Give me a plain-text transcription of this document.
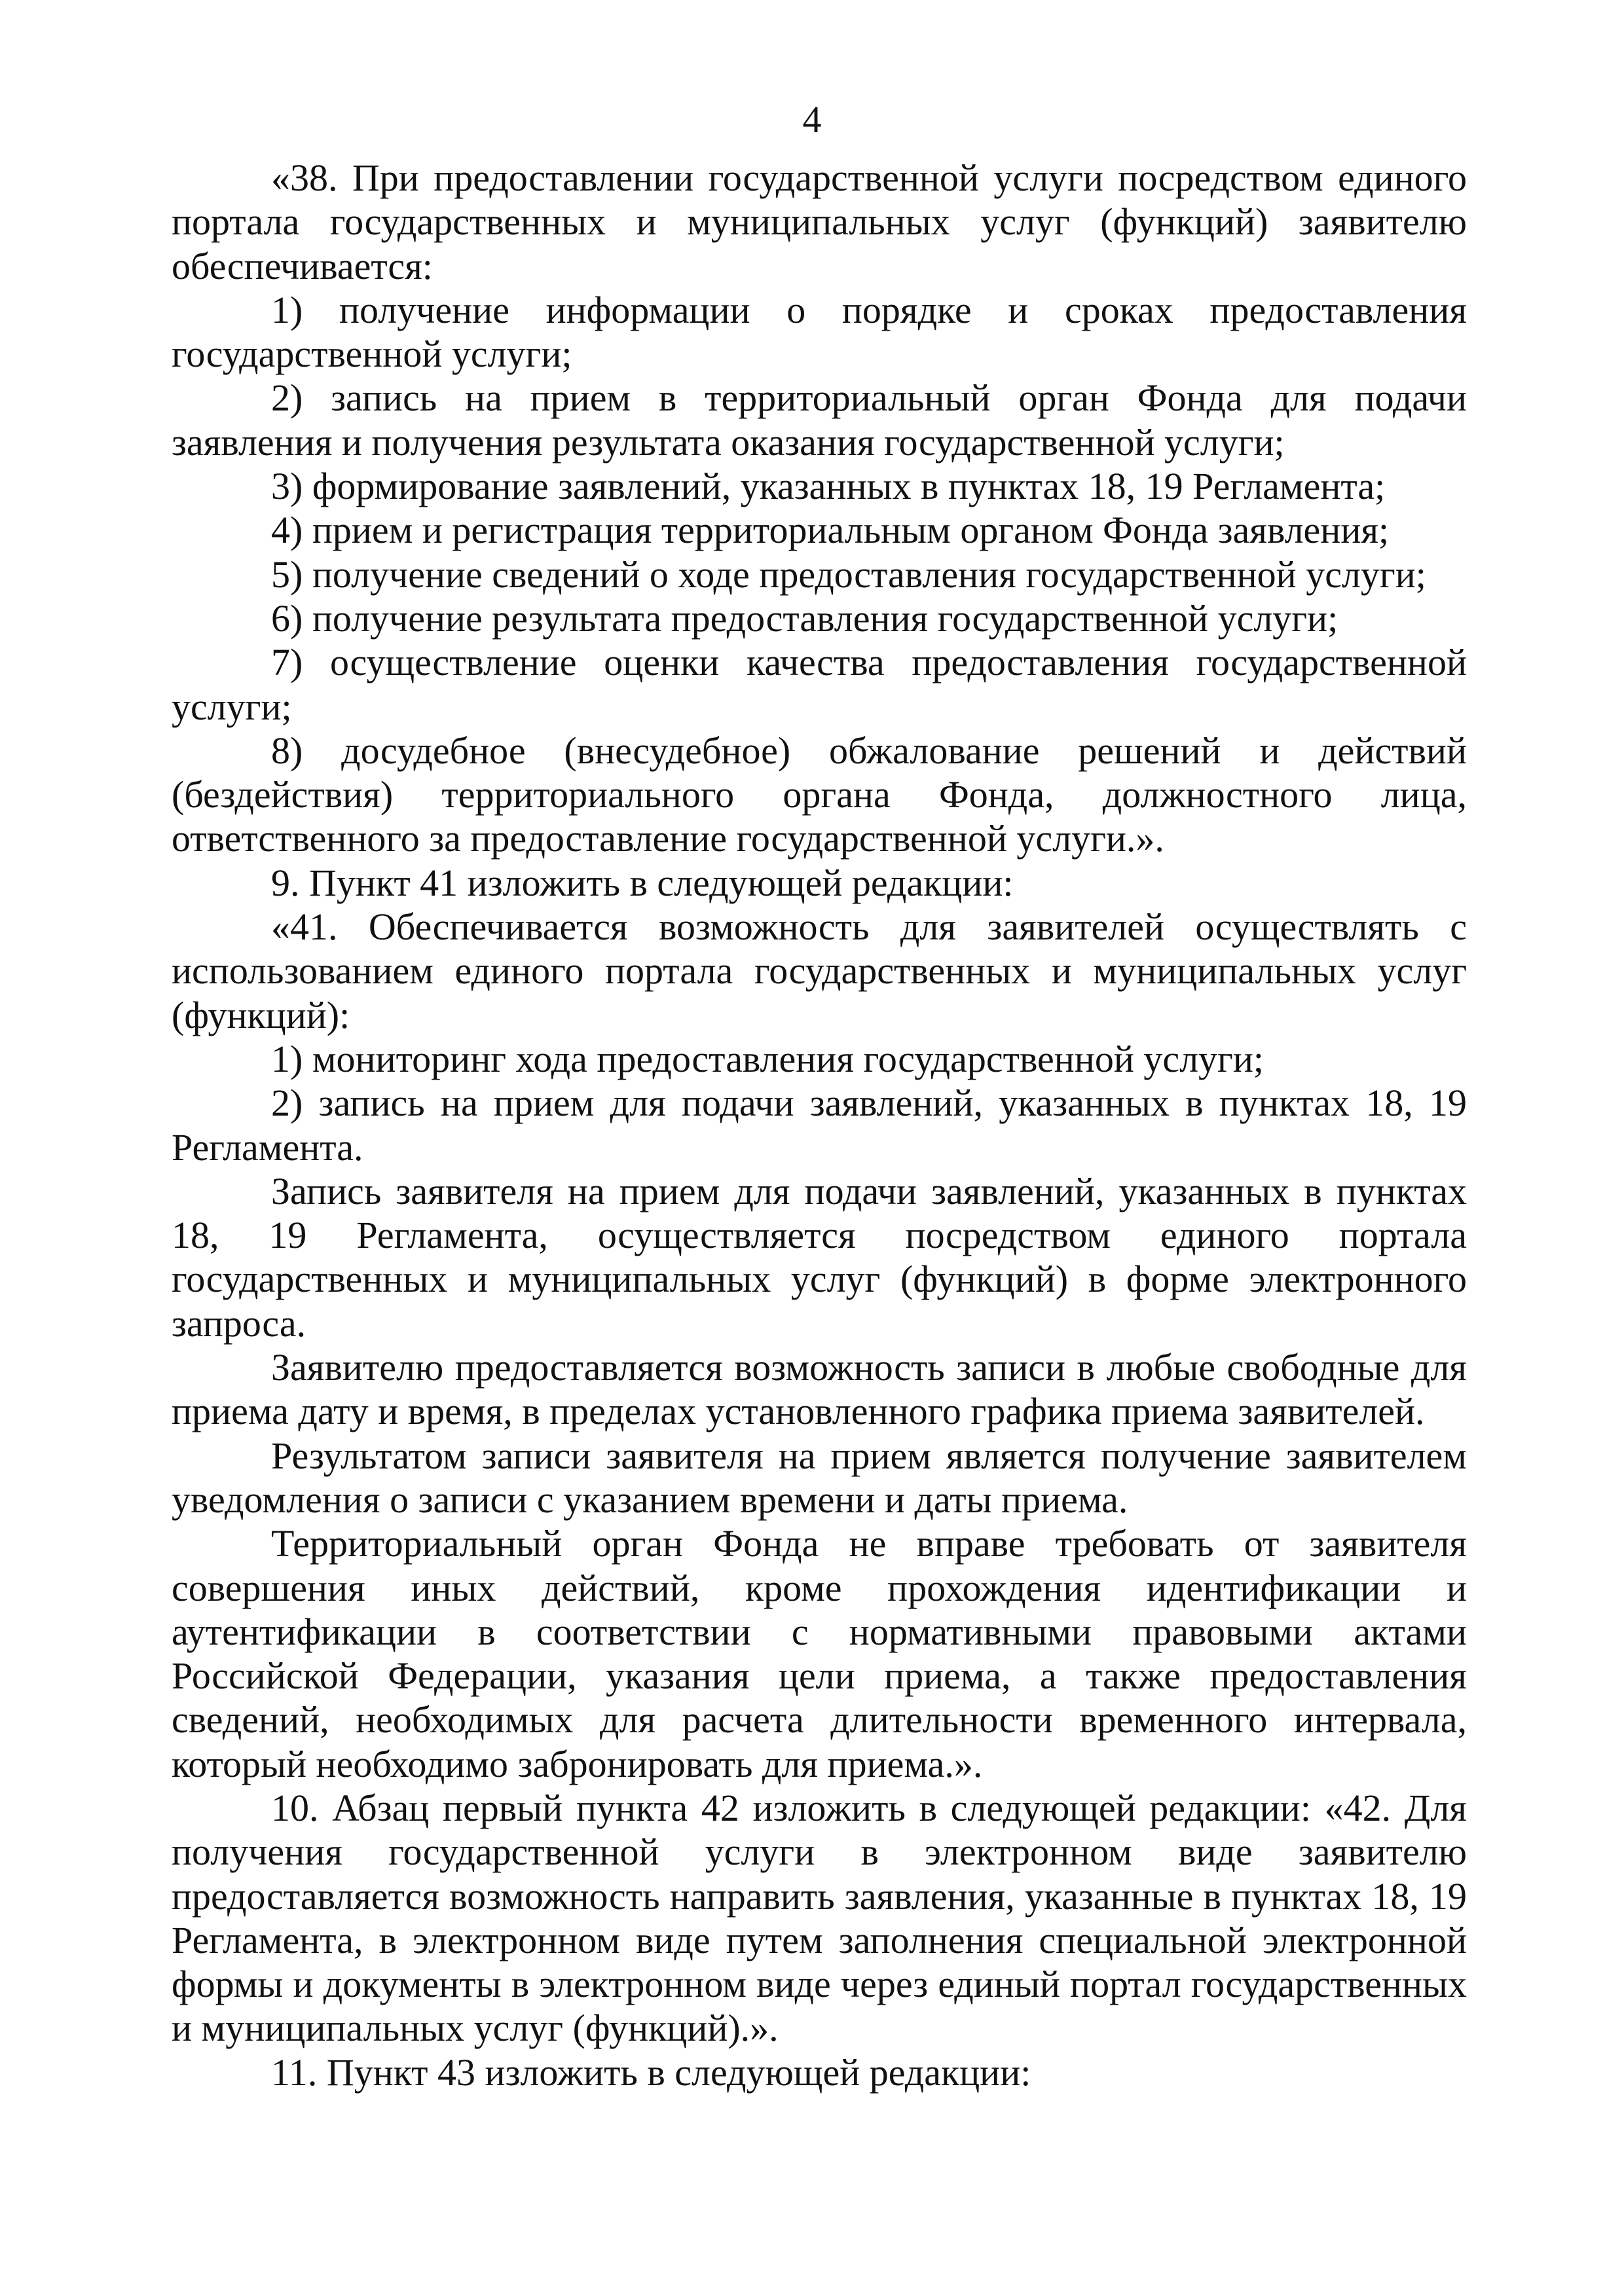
4

«38. При предоставлении государственной услуги посредством единого портала государственных и муниципальных услуг (функций) заявителю обеспечивается:

1) получение информации о порядке и сроках предоставления государственной услуги;

2) запись на прием в территориальный орган Фонда для подачи заявления и получения результата оказания государственной услуги;

3) формирование заявлений, указанных в пунктах 18, 19 Регламента;

4) прием и регистрация территориальным органом Фонда заявления;

5) получение сведений о ходе предоставления государственной услуги;

6) получение результата предоставления государственной услуги;

7) осуществление оценки качества предоставления государственной услуги;

8) досудебное (внесудебное) обжалование решений и действий (бездействия) территориального органа Фонда, должностного лица, ответственного за предоставление государственной услуги.».

9. Пункт 41 изложить в следующей редакции:

«41. Обеспечивается возможность для заявителей осуществлять с использованием единого портала государственных и муниципальных услуг (функций):

1) мониторинг хода предоставления государственной услуги;

2) запись на прием для подачи заявлений, указанных в пунктах 18, 19 Регламента.

Запись заявителя на прием для подачи заявлений, указанных в пунктах 18, 19 Регламента, осуществляется посредством единого портала государственных и муниципальных услуг (функций) в форме электронного запроса.

Заявителю предоставляется возможность записи в любые свободные для приема дату и время, в пределах установленного графика приема заявителей.

Результатом записи заявителя на прием является получение заявителем уведомления о записи с указанием времени и даты приема.

Территориальный орган Фонда не вправе требовать от заявителя совершения иных действий, кроме прохождения идентификации и аутентификации в соответствии с нормативными правовыми актами Российской Федерации, указания цели приема, а также предоставления сведений, необходимых для расчета длительности временного интервала, который необходимо забронировать для приема.».

10. Абзац первый пункта 42 изложить в следующей редакции: «42. Для получения государственной услуги в электронном виде заявителю предоставляется возможность направить заявления, указанные в пунктах 18, 19 Регламента, в электронном виде путем заполнения специальной электронной формы и документы в электронном виде через единый портал государственных и муниципальных услуг (функций).».

11. Пункт 43 изложить в следующей редакции:
